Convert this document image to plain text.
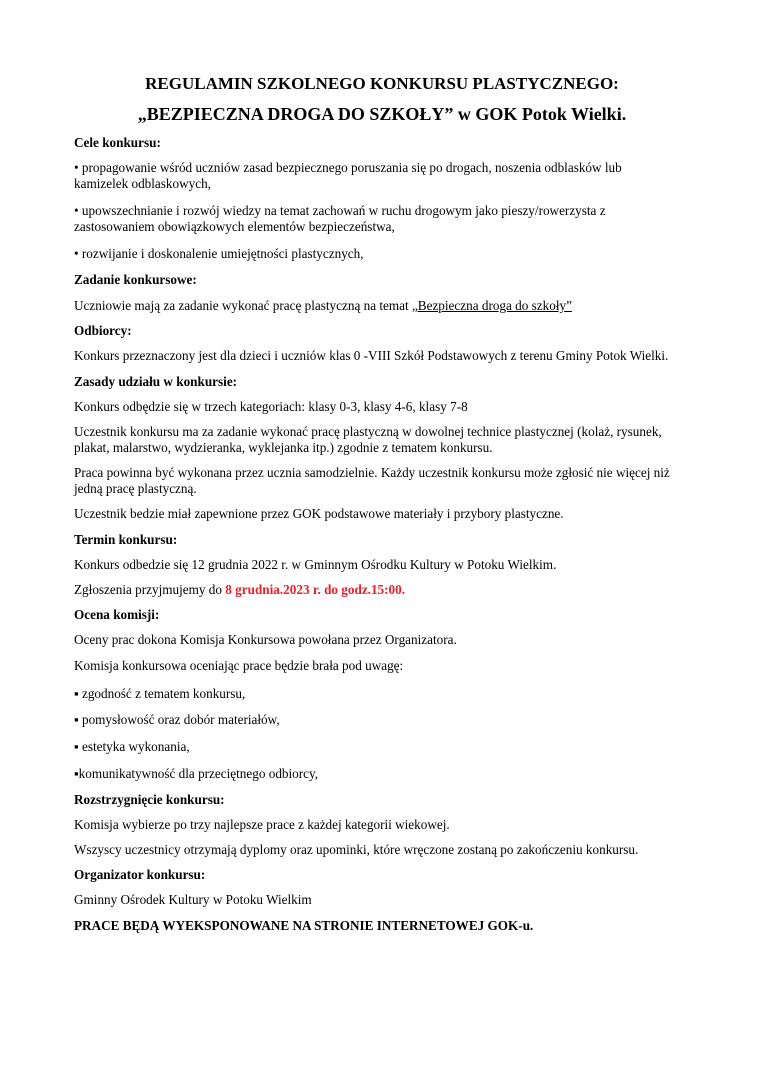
REGULAMIN SZKOLNEGO KONKURSU PLASTYCZNEGO:
„BEZPIECZNA DROGA DO SZKOŁY” w GOK Potok Wielki.
Cele konkursu:
• propagowanie wśród uczniów zasad bezpiecznego poruszania się po drogach, noszenia odblasków lub
kamizelek odblaskowych,
• upowszechnianie i rozwój wiedzy na temat zachowań w ruchu drogowym jako pieszy/rowerzysta z
zastosowaniem obowiązkowych elementów bezpieczeństwa,
• rozwijanie i doskonalenie umiejętności plastycznych,
Zadanie konkursowe:
Uczniowie mają za zadanie wykonać pracę plastyczną na temat „Bezpieczna droga do szkoły”
Odbiorcy:
Konkurs przeznaczony jest dla dzieci i uczniów klas 0 -VIII Szkół Podstawowych z terenu Gminy Potok Wielki.
Zasady udziału w konkursie:
Konkurs odbędzie się w trzech kategoriach: klasy 0-3, klasy 4-6, klasy 7-8
Uczestnik konkursu ma za zadanie wykonać pracę plastyczną w dowolnej technice plastycznej (kolaż, rysunek,
plakat, malarstwo, wydzieranka, wyklejanka itp.) zgodnie z tematem konkursu.
Praca powinna być wykonana przez ucznia samodzielnie. Każdy uczestnik konkursu może zgłosić nie więcej niż
jedną pracę plastyczną.
Uczestnik bedzie miał zapewnione przez GOK podstawowe materiały i przybory plastyczne.
Termin konkursu:
Konkurs odbedzie się 12 grudnia 2022 r. w Gminnym Ośrodku Kultury w Potoku Wielkim.
Zgłoszenia przyjmujemy do 8 grudnia.2023 r. do godz.15:00.
Ocena komisji:
Oceny prac dokona Komisja Konkursowa powołana przez Organizatora.
Komisja konkursowa oceniając prace będzie brała pod uwagę:
▪ zgodność z tematem konkursu,
▪ pomysłowość oraz dobór materiałów,
▪ estetyka wykonania,
▪komunikatywność dla przeciętnego odbiorcy,
Rozstrzygnięcie konkursu:
Komisja wybierze po trzy najlepsze prace z każdej kategorii wiekowej.
Wszyscy uczestnicy otrzymają dyplomy oraz upominki, które wręczone zostaną po zakończeniu konkursu.
Organizator konkursu:
Gminny Ośrodek Kultury w Potoku Wielkim
PRACE BĘDĄ WYEKSPONOWANE NA STRONIE INTERNETOWEJ GOK-u.
